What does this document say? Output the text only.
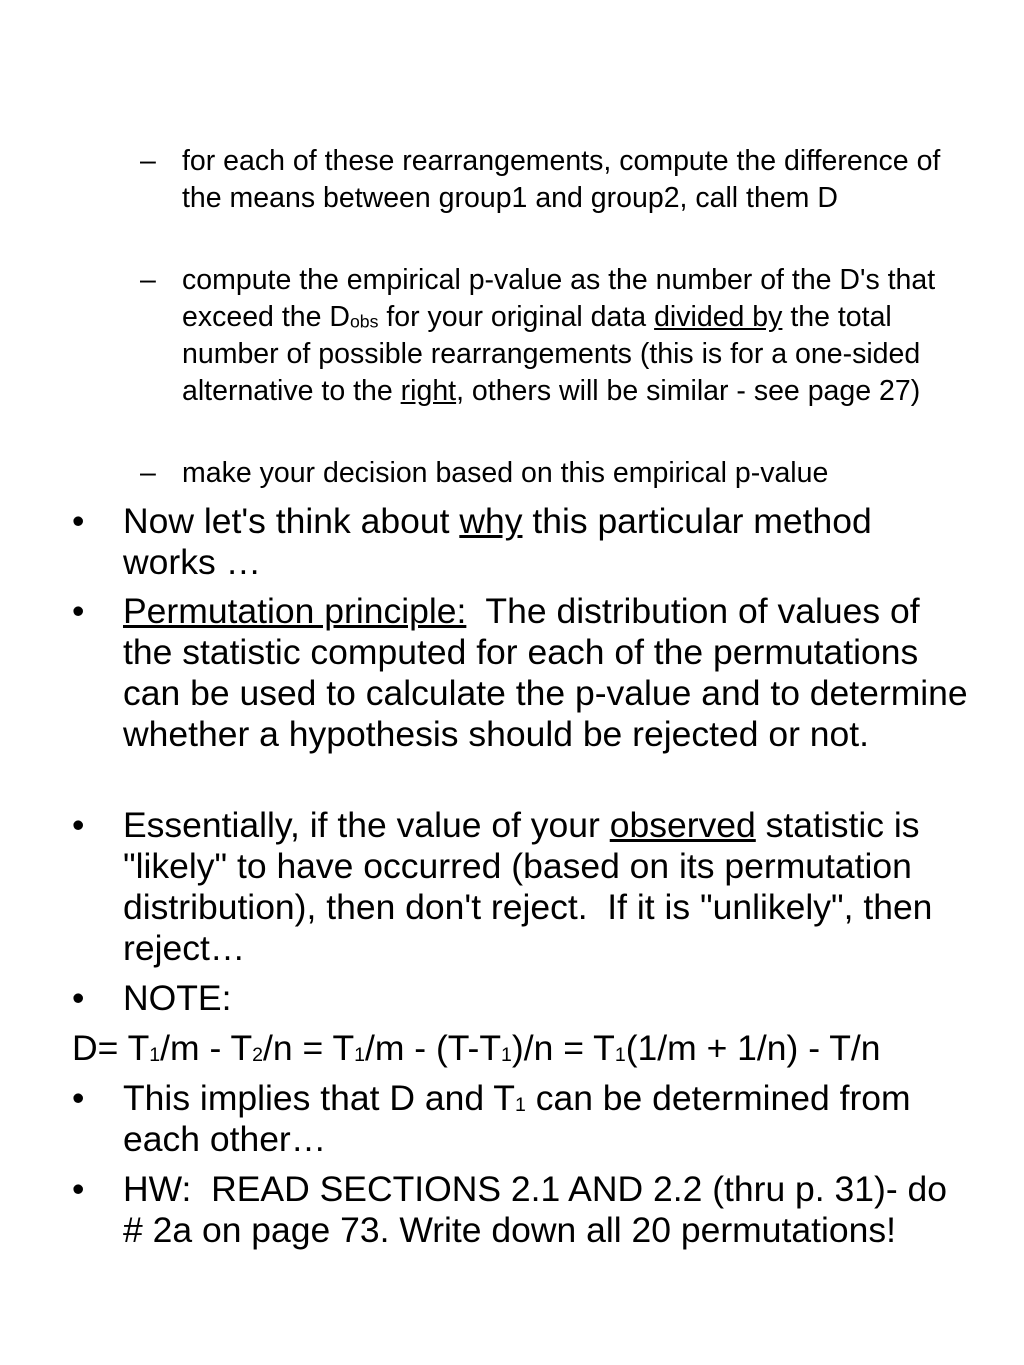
– for each of these rearrangements, compute the difference of the means between group1 and group2, call them D
– compute the empirical p-value as the number of the D's that exceed the $D_{obs}$ for your original data divided by the total number of possible rearrangements (this is for a one-sided alternative to the right, others will be similar - see page 27)
– make your decision based on this empirical p-value
• Now let's think about why this particular method works …
• Permutation principle:  The distribution of values of the statistic computed for each of the permutations can be used to calculate the p-value and to determine whether a hypothesis should be rejected or not.
• Essentially, if the value of your observed statistic is "likely" to have occurred (based on its permutation distribution), then don't reject.  If it is "unlikely", then reject…
• NOTE:
$D= T_1/m - T_2/n = T_1/m - (T-T_1)/n = T_1(1/m + 1/n) - T/n$
• This implies that D and $T_1$ can be determined from each other…
• HW:  READ SECTIONS 2.1 AND 2.2 (thru p. 31)- do # 2a on page 73. Write down all 20 permutations!
